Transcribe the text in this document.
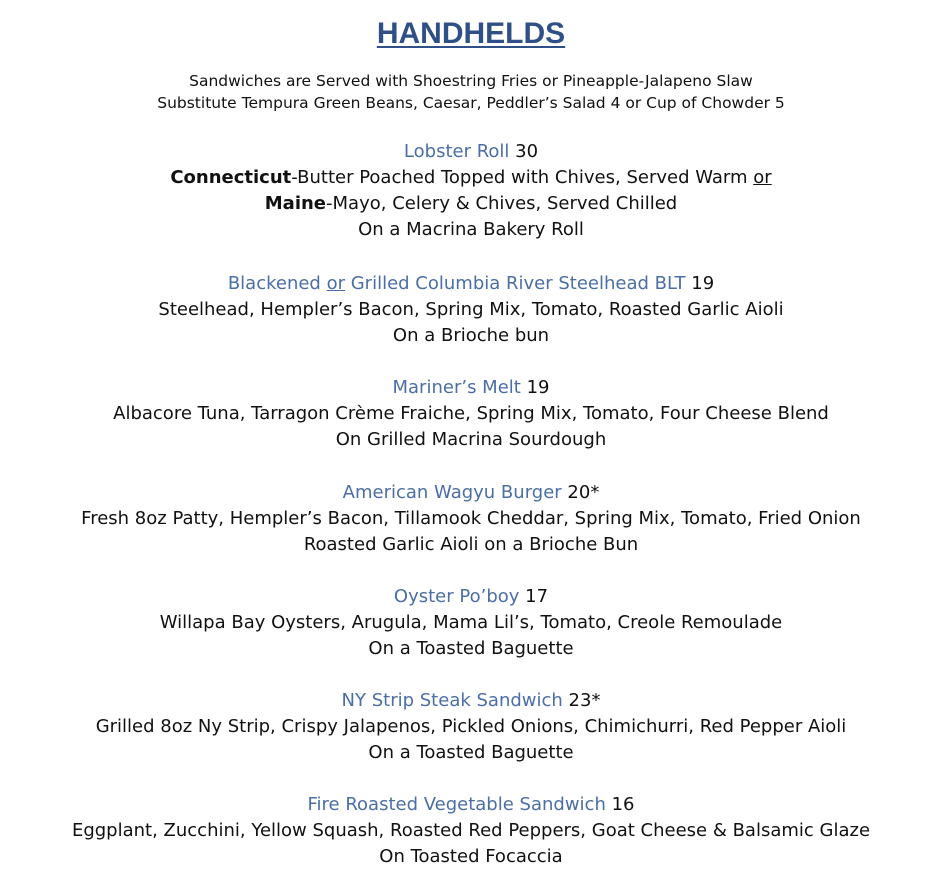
HANDHELDS
Sandwiches are Served with Shoestring Fries or Pineapple-Jalapeno Slaw
Substitute Tempura Green Beans, Caesar, Peddler’s Salad 4 or Cup of Chowder 5
Lobster Roll 30
Connecticut-Butter Poached Topped with Chives, Served Warm or
Maine-Mayo, Celery & Chives, Served Chilled
On a Macrina Bakery Roll
Blackened or Grilled Columbia River Steelhead BLT 19
Steelhead, Hempler’s Bacon, Spring Mix, Tomato, Roasted Garlic Aioli
On a Brioche bun
Mariner’s Melt 19
Albacore Tuna, Tarragon Crème Fraiche, Spring Mix, Tomato, Four Cheese Blend
On Grilled Macrina Sourdough
American Wagyu Burger 20*
Fresh 8oz Patty, Hempler’s Bacon, Tillamook Cheddar, Spring Mix, Tomato, Fried Onion
Roasted Garlic Aioli on a Brioche Bun
Oyster Po’boy 17
Willapa Bay Oysters, Arugula, Mama Lil’s, Tomato, Creole Remoulade
On a Toasted Baguette
NY Strip Steak Sandwich 23*
Grilled 8oz Ny Strip, Crispy Jalapenos, Pickled Onions, Chimichurri, Red Pepper Aioli
On a Toasted Baguette
Fire Roasted Vegetable Sandwich 16
Eggplant, Zucchini, Yellow Squash, Roasted Red Peppers, Goat Cheese & Balsamic Glaze
On Toasted Focaccia
